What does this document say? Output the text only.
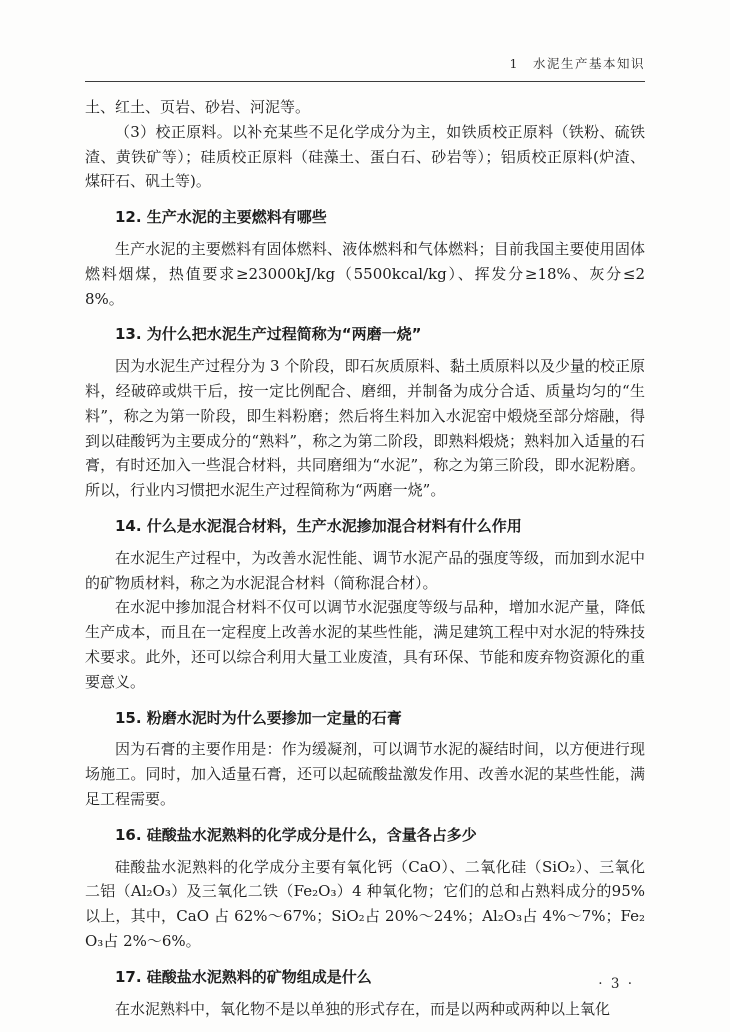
1　水泥生产基本知识

土、红土、页岩、砂岩、河泥等。

（3）校正原料。以补充某些不足化学成分为主，如铁质校正原料（铁粉、硫铁渣、黄铁矿等）；硅质校正原料（硅藻土、蛋白石、砂岩等）；铝质校正原料(炉渣、煤矸石、矾土等)。

12. 生产水泥的主要燃料有哪些

生产水泥的主要燃料有固体燃料、液体燃料和气体燃料；目前我国主要使用固体燃料烟煤，热值要求≥23000kJ/kg（5500kcal/kg）、挥发分≥18%、灰分≤28%。

13. 为什么把水泥生产过程简称为“两磨一烧”

因为水泥生产过程分为 3 个阶段，即石灰质原料、黏土质原料以及少量的校正原料，经破碎或烘干后，按一定比例配合、磨细，并制备为成分合适、质量均匀的“生料”，称之为第一阶段，即生料粉磨；然后将生料加入水泥窑中煅烧至部分熔融，得到以硅酸钙为主要成分的“熟料”，称之为第二阶段，即熟料煅烧；熟料加入适量的石膏，有时还加入一些混合材料，共同磨细为“水泥”，称之为第三阶段，即水泥粉磨。所以，行业内习惯把水泥生产过程简称为“两磨一烧”。

14. 什么是水泥混合材料，生产水泥掺加混合材料有什么作用

在水泥生产过程中，为改善水泥性能、调节水泥产品的强度等级，而加到水泥中的矿物质材料，称之为水泥混合材料（简称混合材）。

在水泥中掺加混合材料不仅可以调节水泥强度等级与品种，增加水泥产量，降低生产成本，而且在一定程度上改善水泥的某些性能，满足建筑工程中对水泥的特殊技术要求。此外，还可以综合利用大量工业废渣，具有环保、节能和废弃物资源化的重要意义。

15. 粉磨水泥时为什么要掺加一定量的石膏

因为石膏的主要作用是：作为缓凝剂，可以调节水泥的凝结时间，以方便进行现场施工。同时，加入适量石膏，还可以起硫酸盐激发作用、改善水泥的某些性能，满足工程需要。

16. 硅酸盐水泥熟料的化学成分是什么，含量各占多少

硅酸盐水泥熟料的化学成分主要有氧化钙（CaO）、二氧化硅（SiO₂）、三氧化二铝（Al₂O₃）及三氧化二铁（Fe₂O₃）4 种氧化物；它们的总和占熟料成分的95%以上，其中，CaO 占 62%～67%；SiO₂占 20%～24%；Al₂O₃占 4%～7%；Fe₂O₃占 2%～6%。

17. 硅酸盐水泥熟料的矿物组成是什么

在水泥熟料中，氧化物不是以单独的形式存在，而是以两种或两种以上氧化

· 3 ·
